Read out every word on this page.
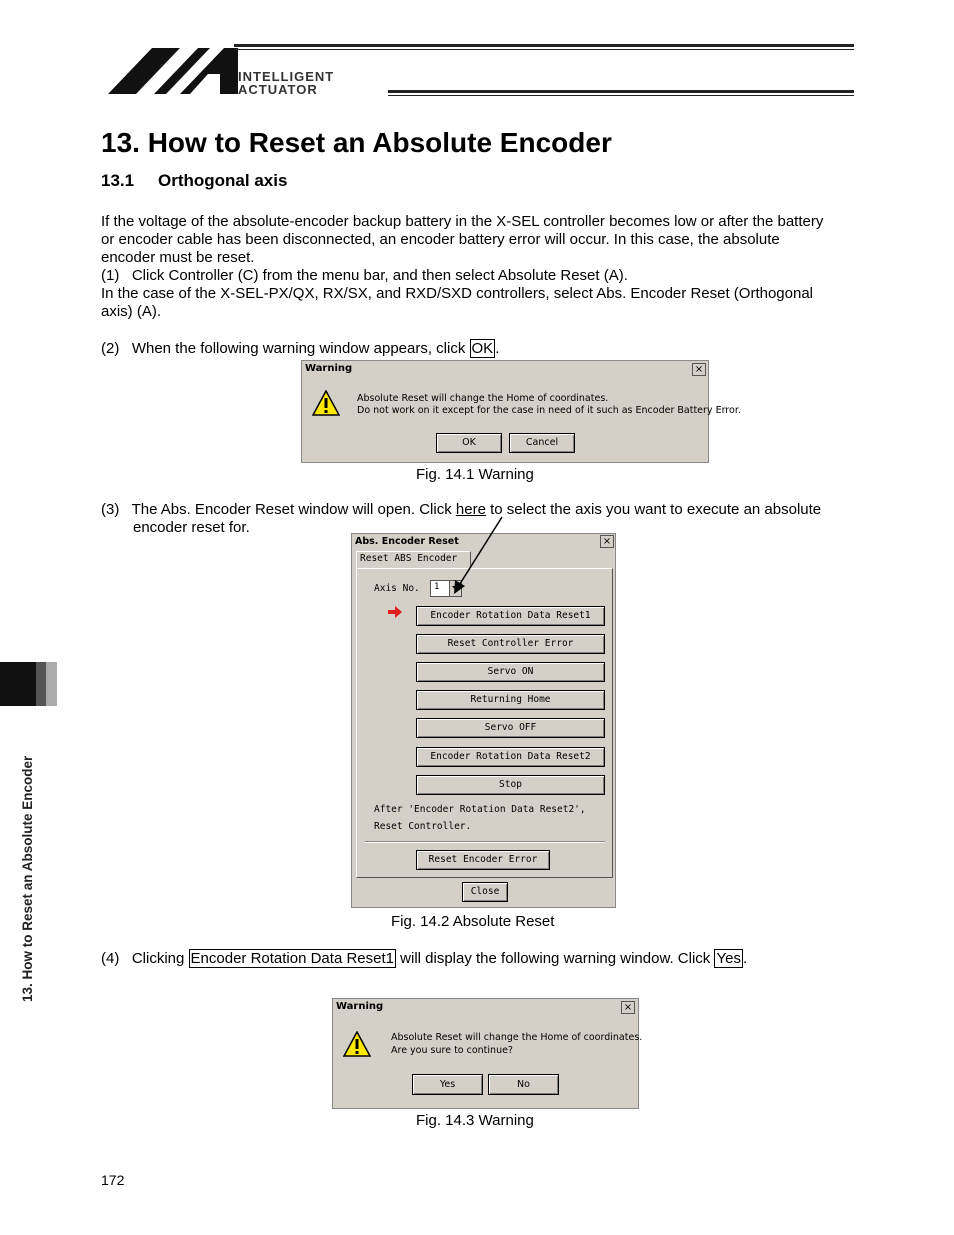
INTELLIGENT
ACTUATOR
13. How to Reset an Absolute Encoder
13.1 Orthogonal axis
If the voltage of the absolute-encoder backup battery in the X-SEL controller becomes low or after the battery
or encoder cable has been disconnected, an encoder battery error will occur. In this case, the absolute
encoder must be reset.
(1)   Click Controller (C) from the menu bar, and then select Absolute Reset (A).
In the case of the X-SEL-PX/QX, RX/SX, and RXD/SXD controllers, select Abs. Encoder Reset (Orthogonal
axis) (A).
(2)   When the following warning window appears, click OK .
Warning	×
Absolute Reset will change the Home of coordinates.
Do not work on it except for the case in need of it such as Encoder Battery Error.
OK	Cancel
Fig. 14.1 Warning
(3)   The Abs. Encoder Reset window will open. Click here to select the axis you want to execute an absolute
encoder reset for.
Abs. Encoder Reset	×
Reset ABS Encoder
Axis No. 1
Encoder Rotation Data Reset1
Reset Controller Error
Servo ON
Returning Home
Servo OFF
Encoder Rotation Data Reset2
Stop
After 'Encoder Rotation Data Reset2',
Reset Controller.
Reset Encoder Error
Close
Fig. 14.2 Absolute Reset
(4)   Clicking Encoder Rotation Data Reset1 will display the following warning window. Click Yes .
Warning	×
Absolute Reset will change the Home of coordinates.
Are you sure to continue?
Yes	No
Fig. 14.3 Warning
13. How to Reset an Absolute Encoder
172
